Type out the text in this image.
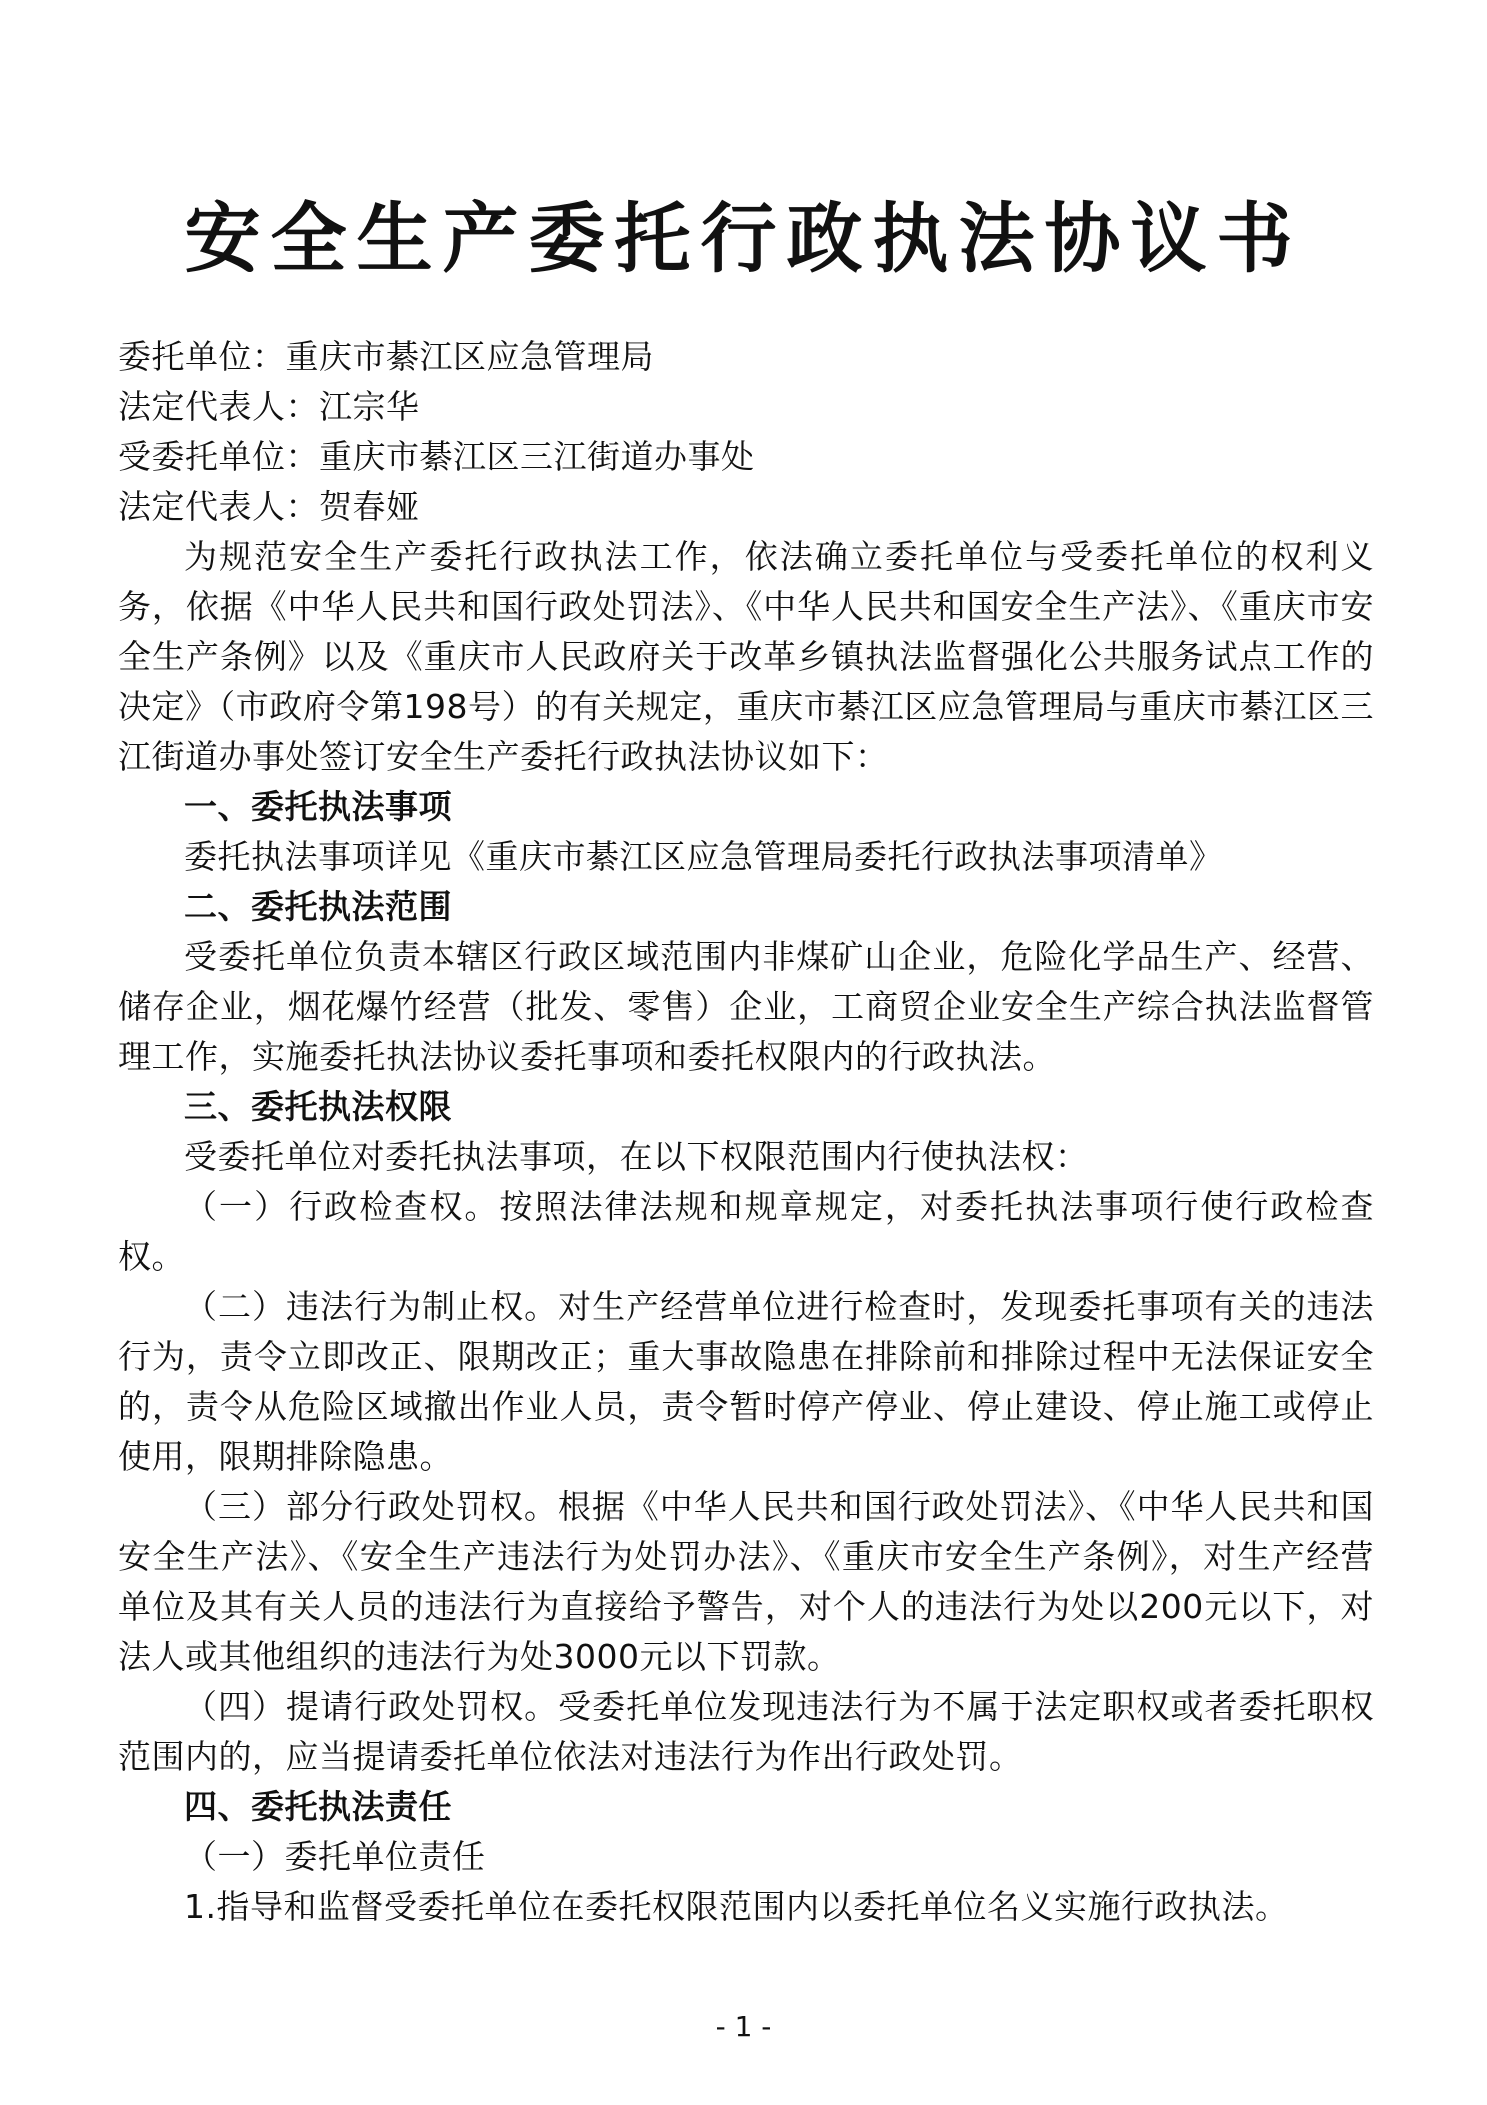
安全生产委托行政执法协议书

委托单位：重庆市綦江区应急管理局

法定代表人：江宗华

受委托单位：重庆市綦江区三江街道办事处

法定代表人：贺春娅

为规范安全生产委托行政执法工作，依法确立委托单位与受委托单位的权利义务，依据《中华人民共和国行政处罚法》、《中华人民共和国安全生产法》、《重庆市安全生产条例》以及《重庆市人民政府关于改革乡镇执法监督强化公共服务试点工作的决定》（市政府令第198号）的有关规定，重庆市綦江区应急管理局与重庆市綦江区三江街道办事处签订安全生产委托行政执法协议如下：

一、委托执法事项

委托执法事项详见《重庆市綦江区应急管理局委托行政执法事项清单》

二、委托执法范围

受委托单位负责本辖区行政区域范围内非煤矿山企业，危险化学品生产、经营、储存企业，烟花爆竹经营（批发、零售）企业，工商贸企业安全生产综合执法监督管理工作，实施委托执法协议委托事项和委托权限内的行政执法。

三、委托执法权限

受委托单位对委托执法事项，在以下权限范围内行使执法权：

（一）行政检查权。按照法律法规和规章规定，对委托执法事项行使行政检查权。

（二）违法行为制止权。对生产经营单位进行检查时，发现委托事项有关的违法行为，责令立即改正、限期改正；重大事故隐患在排除前和排除过程中无法保证安全的，责令从危险区域撤出作业人员，责令暂时停产停业、停止建设、停止施工或停止使用，限期排除隐患。

（三）部分行政处罚权。根据《中华人民共和国行政处罚法》、《中华人民共和国安全生产法》、《安全生产违法行为处罚办法》、《重庆市安全生产条例》，对生产经营单位及其有关人员的违法行为直接给予警告，对个人的违法行为处以200元以下，对法人或其他组织的违法行为处3000元以下罚款。

（四）提请行政处罚权。受委托单位发现违法行为不属于法定职权或者委托职权范围内的，应当提请委托单位依法对违法行为作出行政处罚。

四、委托执法责任

（一）委托单位责任

1.指导和监督受委托单位在委托权限范围内以委托单位名义实施行政执法。

- 1 -
